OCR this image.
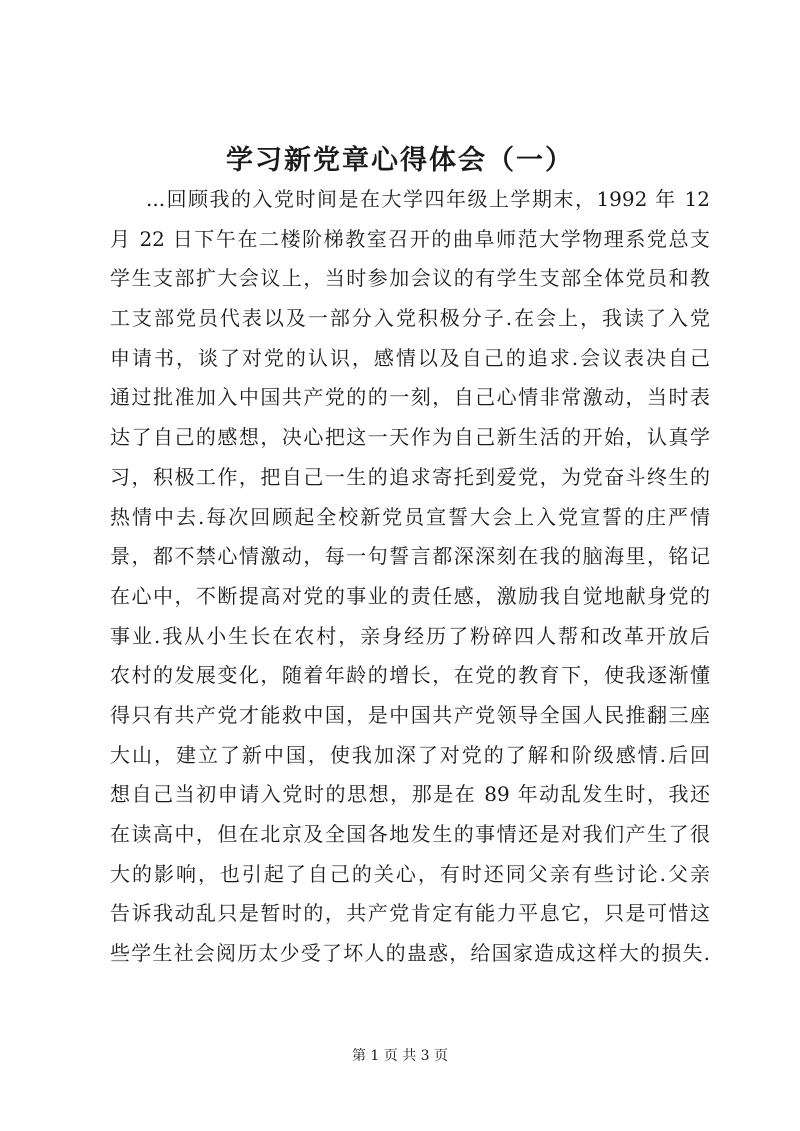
学习新党章心得体会（一）
...回顾我的入党时间是在大学四年级上学期末，1992 年 12
月 22 日下午在二楼阶梯教室召开的曲阜师范大学物理系党总支
学生支部扩大会议上，当时参加会议的有学生支部全体党员和教
工支部党员代表以及一部分入党积极分子.在会上，我读了入党
申请书，谈了对党的认识，感情以及自己的追求.会议表决自己
通过批准加入中国共产党的的一刻，自己心情非常激动，当时表
达了自己的感想，决心把这一天作为自己新生活的开始，认真学
习，积极工作，把自己一生的追求寄托到爱党，为党奋斗终生的
热情中去.每次回顾起全校新党员宣誓大会上入党宣誓的庄严情
景，都不禁心情激动，每一句誓言都深深刻在我的脑海里，铭记
在心中，不断提高对党的事业的责任感，激励我自觉地献身党的
事业.我从小生长在农村，亲身经历了粉碎四人帮和改革开放后
农村的发展变化，随着年龄的增长，在党的教育下，使我逐渐懂
得只有共产党才能救中国，是中国共产党领导全国人民推翻三座
大山，建立了新中国，使我加深了对党的了解和阶级感情.后回
想自己当初申请入党时的思想，那是在 89 年动乱发生时，我还
在读高中，但在北京及全国各地发生的事情还是对我们产生了很
大的影响，也引起了自己的关心，有时还同父亲有些讨论.父亲
告诉我动乱只是暂时的，共产党肯定有能力平息它，只是可惜这
些学生社会阅历太少受了坏人的蛊惑，给国家造成这样大的损失.
第 1 页 共 3 页
